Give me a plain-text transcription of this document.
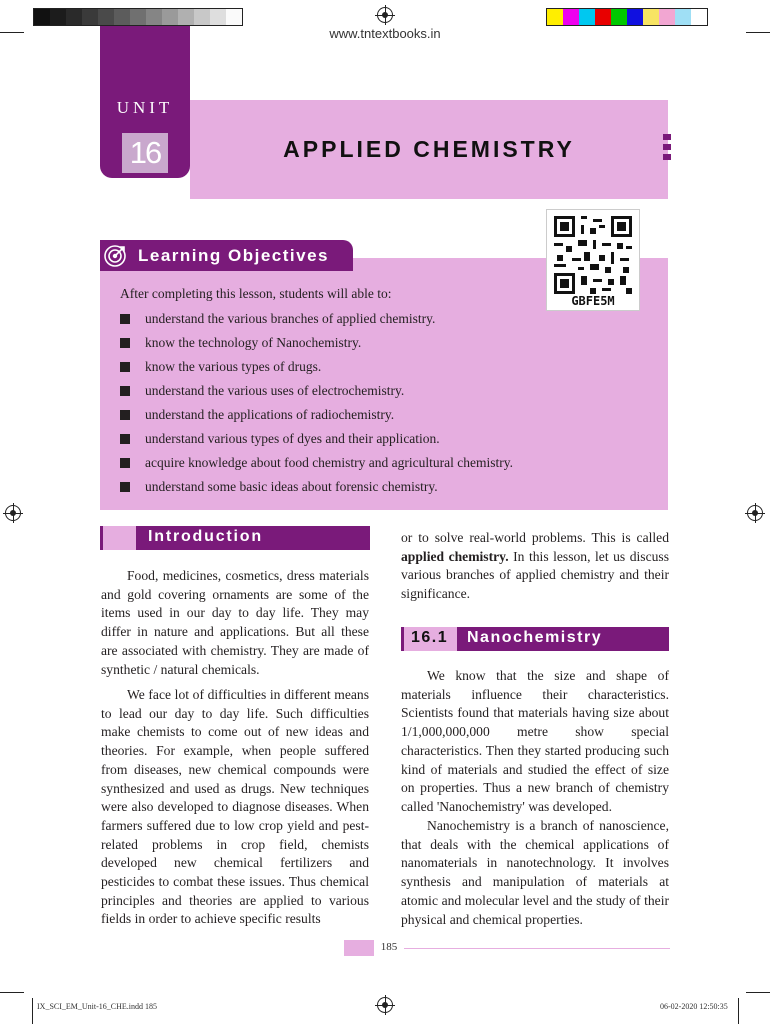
www.tntextbooks.in
UNIT
16	APPLIED CHEMISTRY
Learning Objectives
GBFE5M
After completing this lesson, students will able to:
understand the various branches of applied chemistry.
know the technology of Nanochemistry.
know the various types of drugs.
understand the various uses of electrochemistry.
understand the applications of radiochemistry.
understand various types of dyes and their application.
acquire knowledge about food chemistry and agricultural chemistry.
understand some basic ideas about forensic chemistry.
Introduction

Food, medicines, cosmetics, dress materials and gold covering ornaments are some of the items used in our day to day life. They may differ in nature and applications. But all these are associated with chemistry. They are made of synthetic / natural chemicals.

We face lot of difficulties in different means to lead our day to day life. Such difficulties make chemists to come out of new ideas and theories. For example, when people suffered from diseases, new chemical compounds were synthesized and used as drugs. New techniques were also developed to diagnose diseases. When farmers suffered due to low crop yield and pest-related problems in crop field, chemists developed new chemical fertilizers and pesticides to combat these issues. Thus chemical principles and theories are applied to various fields in order to achieve specific results

or to solve real-world problems. This is called applied chemistry. In this lesson, let us discuss various branches of applied chemistry and their significance.

16.1 Nanochemistry

We know that the size and shape of materials influence their characteristics. Scientists found that materials having size about 1/1,000,000,000 metre show special characteristics. Then they started producing such kind of materials and studied the effect of size on properties. Thus a new branch of chemistry called 'Nanochemistry' was developed.

Nanochemistry is a branch of nanoscience, that deals with the chemical applications of nanomaterials in nanotechnology. It involves synthesis and manipulation of materials at atomic and molecular level and the study of their physical and chemical properties.

185
IX_SCI_EM_Unit-16_CHE.indd 185	06-02-2020 12:50:35
